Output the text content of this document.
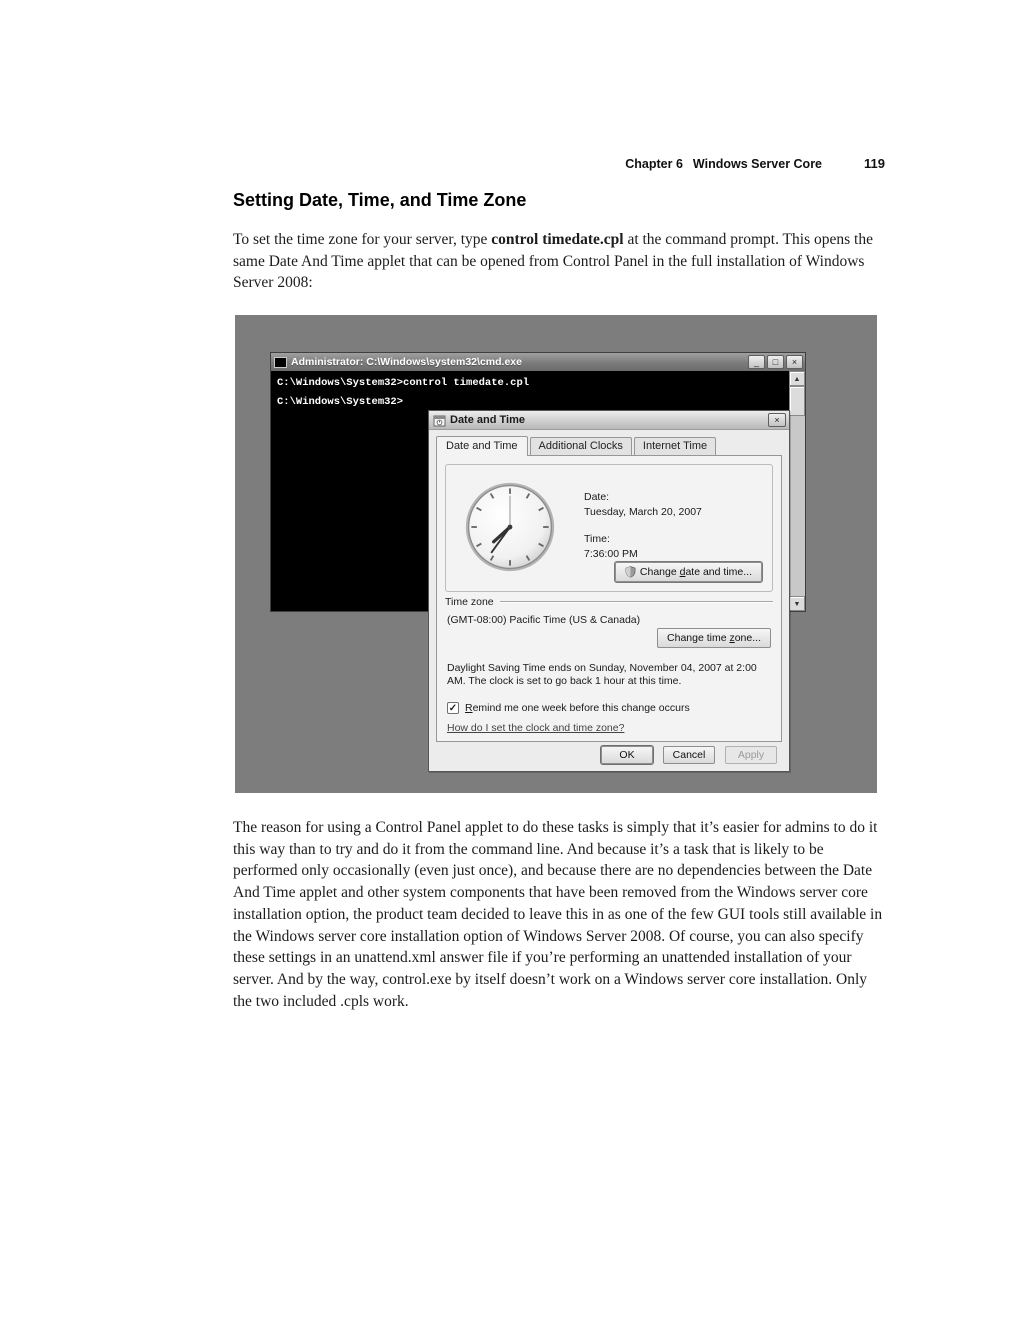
Chapter 6 Windows Server Core	119
Setting Date, Time, and Time Zone

To set the time zone for your server, type control timedate.cpl at the command prompt. This opens the same Date And Time applet that can be opened from Control Panel in the full installation of Windows Server 2008:

Administrator: C:\Windows\system32\cmd.exe	_	□	×
C:\Windows\System32>control timedate.cpl
C:\Windows\System32>
▲
▼
Date and Time	×
Date and Time	Additional Clocks	Internet Time
Date:
Tuesday, March 20, 2007
Time:
7:36:00 PM
Change date and time...
Time zone
(GMT-08:00) Pacific Time (US & Canada)
Change time zone...
Daylight Saving Time ends on Sunday, November 04, 2007 at 2:00 AM. The clock is set to go back 1 hour at this time.
✓ Remind me one week before this change occurs
How do I set the clock and time zone?
OK	Cancel	Apply

The reason for using a Control Panel applet to do these tasks is simply that it’s easier for admins to do it this way than to try and do it from the command line. And because it’s a task that is likely to be performed only occasionally (even just once), and because there are no dependencies between the Date And Time applet and other system components that have been removed from the Windows server core installation option, the product team decided to leave this in as one of the few GUI tools still available in the Windows server core installation option of Windows Server 2008. Of course, you can also specify these settings in an unattend.xml answer file if you’re performing an unattended installation of your server. And by the way, control.exe by itself doesn’t work on a Windows server core installation. Only the two included .cpls work.
